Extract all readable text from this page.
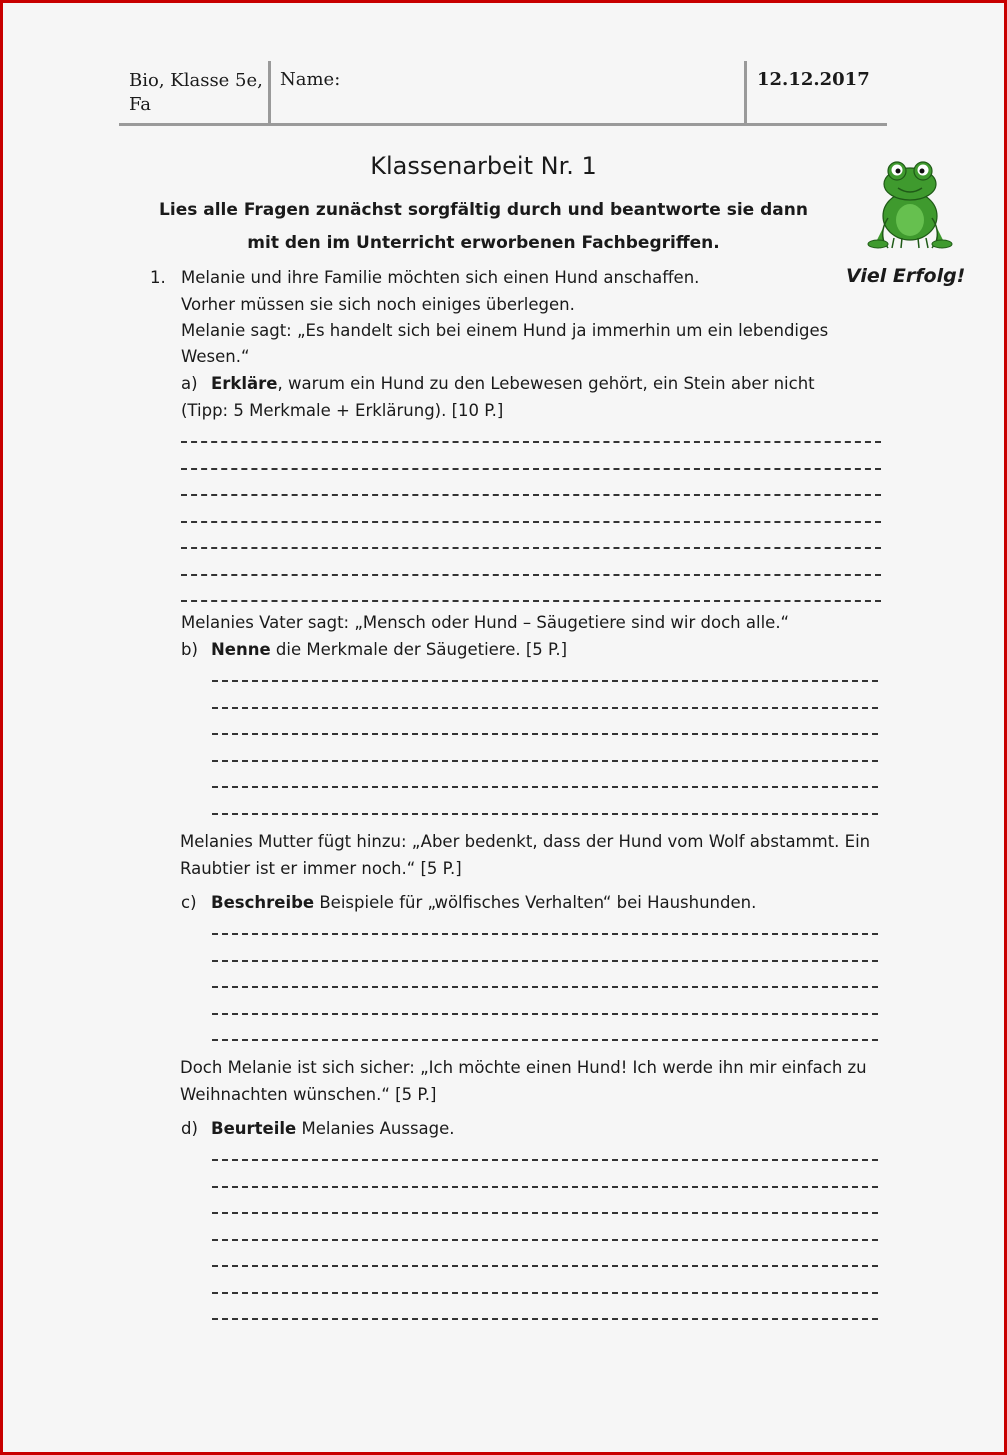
Bio, Klasse 5e,
Fa
Name:	12.12.2017
Klassenarbeit Nr. 1
Lies alle Fragen zunächst sorgfältig durch und beantworte sie dann
mit den im Unterricht erworbenen Fachbegriffen.
Viel Erfolg!
1. Melanie und ihre Familie möchten sich einen Hund anschaffen.
Vorher müssen sie sich noch einiges überlegen.
Melanie sagt: „Es handelt sich bei einem Hund ja immerhin um ein lebendiges
Wesen.“
a) Erkläre, warum ein Hund zu den Lebewesen gehört, ein Stein aber nicht
(Tipp: 5 Merkmale + Erklärung). [10 P.]
Melanies Vater sagt: „Mensch oder Hund – Säugetiere sind wir doch alle.“
b) Nenne die Merkmale der Säugetiere. [5 P.]
Melanies Mutter fügt hinzu: „Aber bedenkt, dass der Hund vom Wolf abstammt. Ein
Raubtier ist er immer noch.“ [5 P.]
c) Beschreibe Beispiele für „wölfisches Verhalten“ bei Haushunden.
Doch Melanie ist sich sicher: „Ich möchte einen Hund! Ich werde ihn mir einfach zu
Weihnachten wünschen.“ [5 P.]
d) Beurteile Melanies Aussage.
